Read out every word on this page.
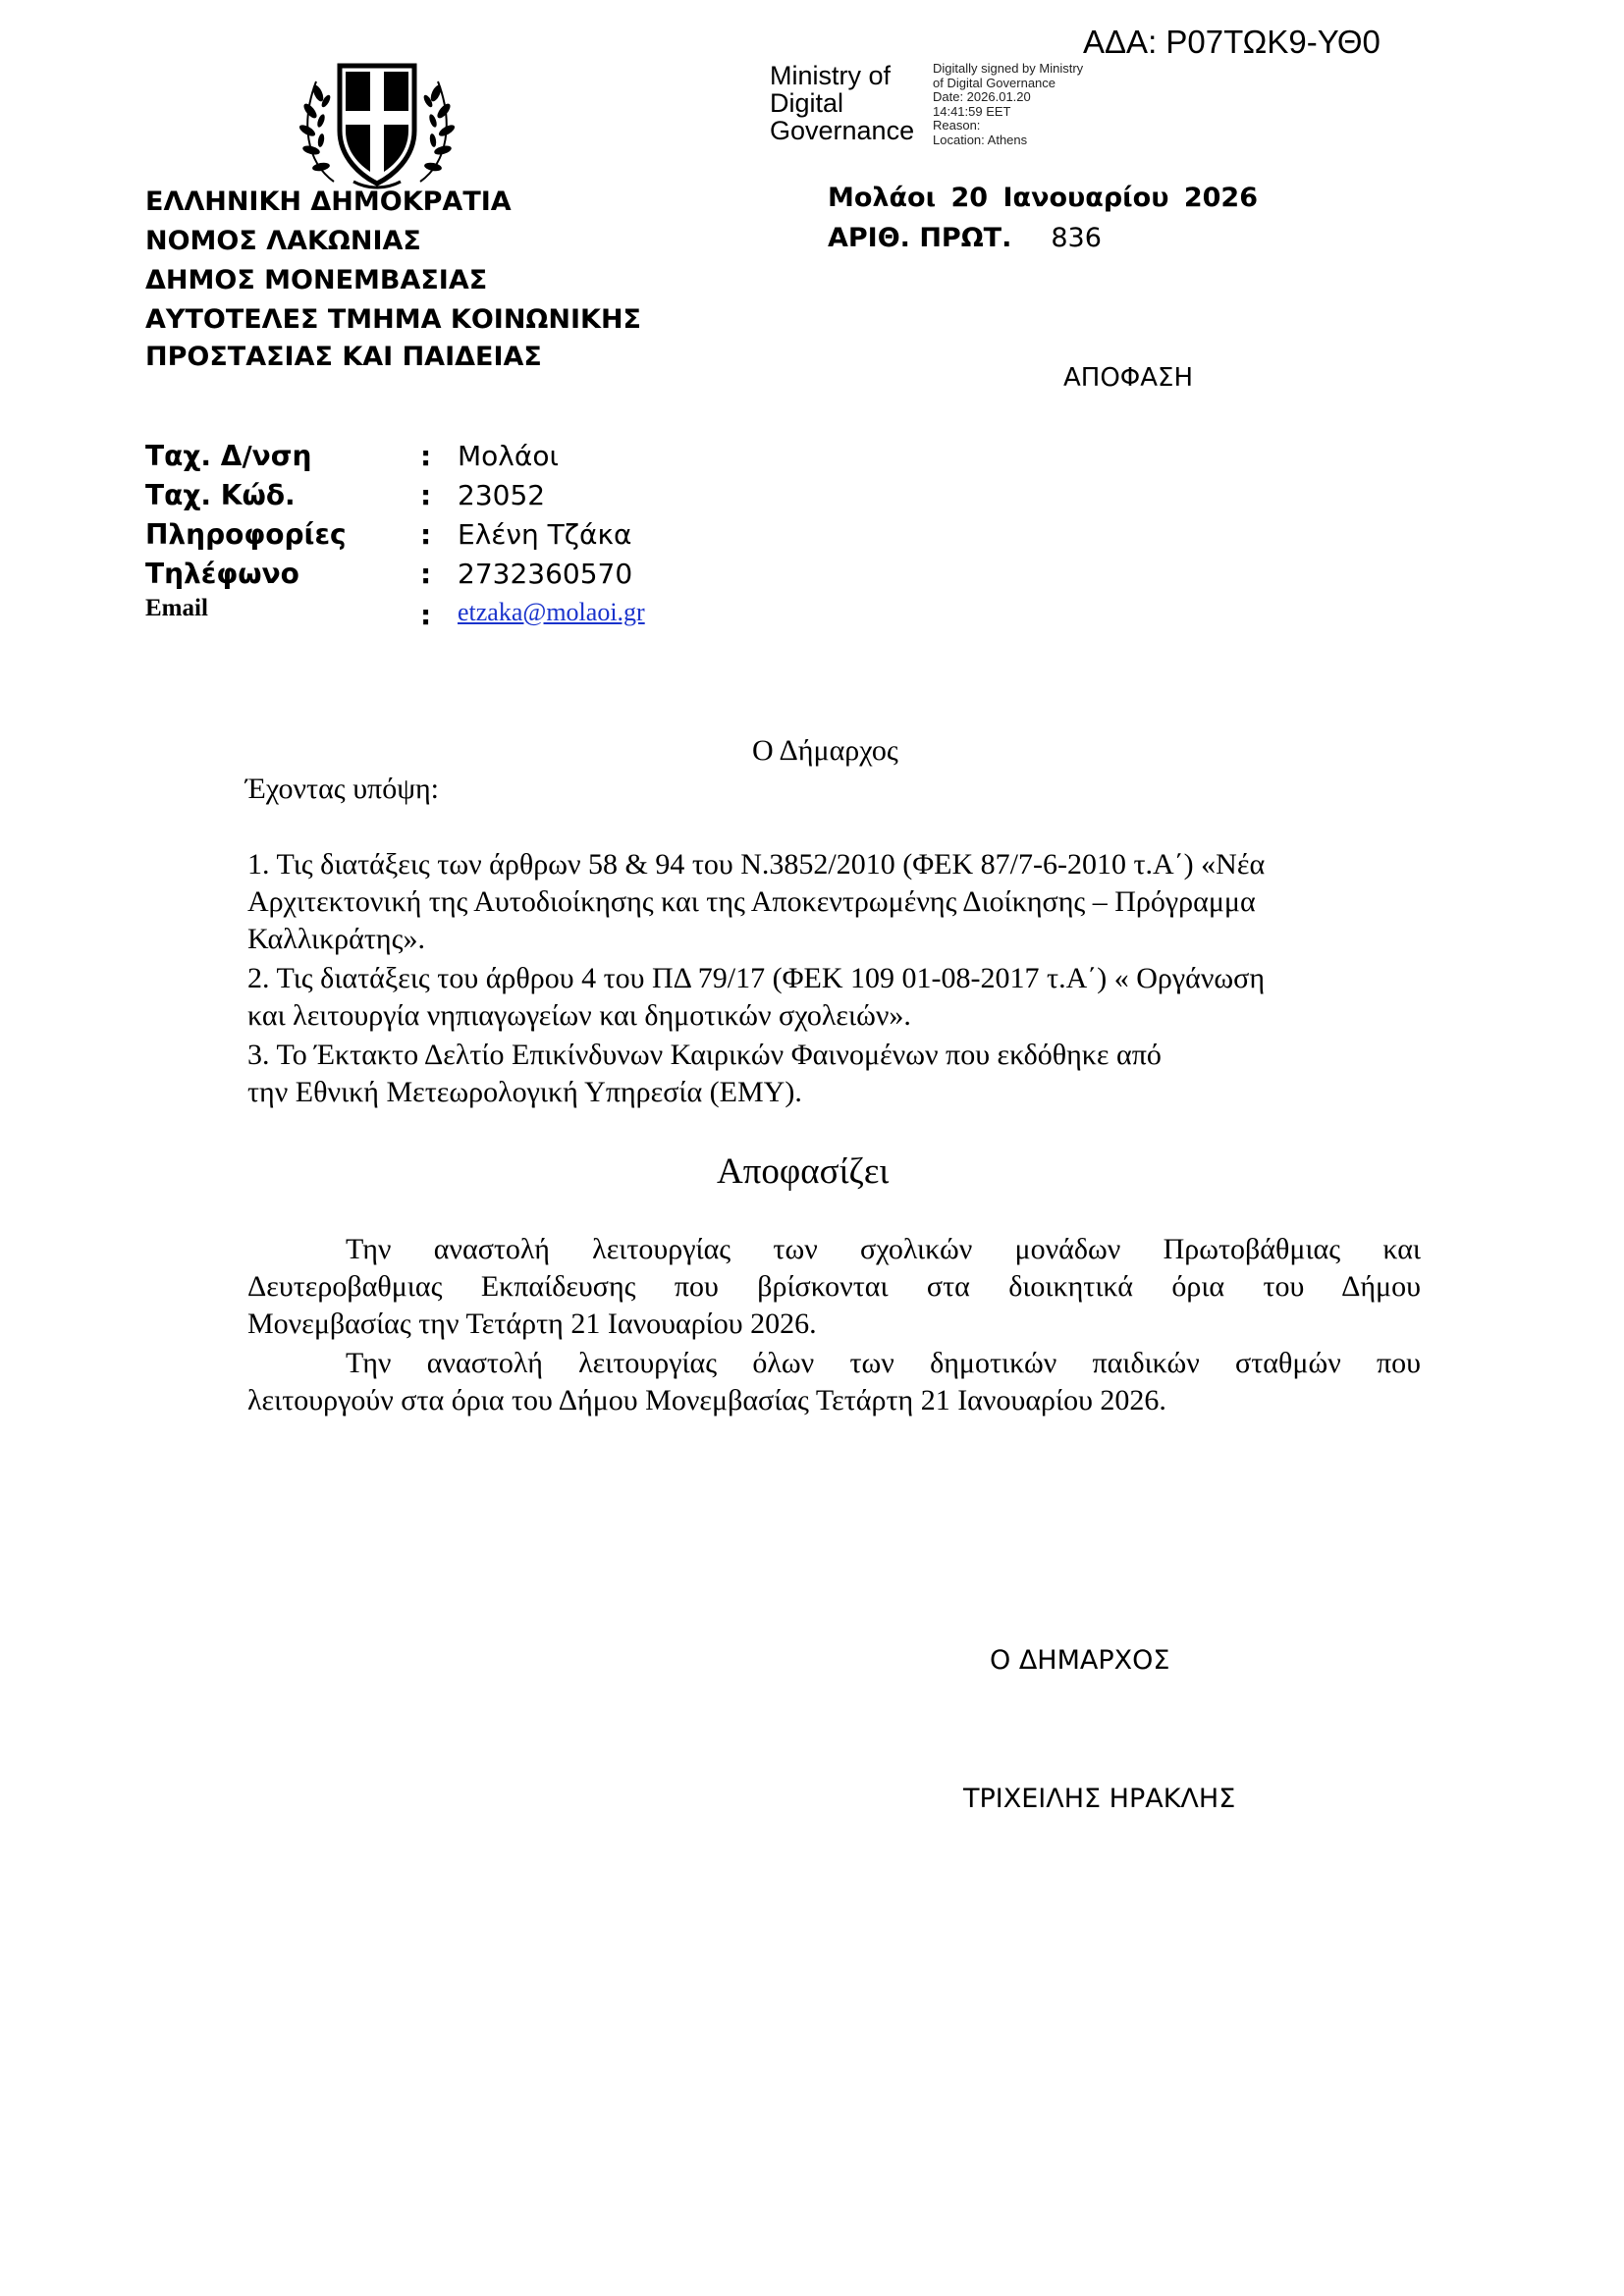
ΑΔΑ: Ρ07ΤΩΚ9-ΥΘ0
Ministry of
Digital
Governance
Digitally signed by Ministry
of Digital Governance
Date: 2026.01.20
14:41:59 EET
Reason:
Location: Athens
ΕΛΛΗΝΙΚΗ ΔΗΜΟΚΡΑΤΙΑ
ΝΟΜΟΣ ΛΑΚΩΝΙΑΣ
ΔΗΜΟΣ ΜΟΝΕΜΒΑΣΙΑΣ
ΑΥΤΟΤΕΛΕΣ ΤΜΗΜΑ ΚΟΙΝΩΝΙΚΗΣ
ΠΡΟΣΤΑΣΙΑΣ ΚΑΙ ΠΑΙΔΕΙΑΣ
Μολάοι 20 Ιανουαρίου 2026
ΑΡΙΘ. ΠΡΩΤ. 836
ΑΠΟΦΑΣΗ
Ταχ. Δ/νση	: Μολάοι
Ταχ. Κώδ.	: 23052
Πληροφορίες	: Ελένη Τζάκα
Τηλέφωνο	: 2732360570
Email	: etzaka@molaoi.gr
Ο Δήμαρχος
Έχοντας υπόψη:
1. Τις διατάξεις των άρθρων 58 & 94 του Ν.3852/2010 (ΦΕΚ 87/7-6-2010 τ.Α΄) «Νέα
Αρχιτεκτονική της Αυτοδιοίκησης και της Αποκεντρωμένης Διοίκησης – Πρόγραμμα
Καλλικράτης».
2. Τις διατάξεις του άρθρου 4 του ΠΔ 79/17 (ΦΕΚ 109 01-08-2017 τ.Α΄) « Οργάνωση
και λειτουργία νηπιαγωγείων και δημοτικών σχολειών».
3. Το Έκτακτο Δελτίο Επικίνδυνων Καιρικών Φαινομένων που εκδόθηκε από
την Εθνική Μετεωρολογική Υπηρεσία (ΕΜΥ).
Αποφασίζει
Την αναστολή λειτουργίας των σχολικών μονάδων Πρωτοβάθμιας και
Δευτεροβαθμιας Εκπαίδευσης που βρίσκονται στα διοικητικά όρια του Δήμου
Μονεμβασίας την Τετάρτη 21 Ιανουαρίου 2026.
Την αναστολή λειτουργίας όλων των δημοτικών παιδικών σταθμών που
λειτουργούν στα όρια του Δήμου Μονεμβασίας Τετάρτη 21 Ιανουαρίου 2026.
Ο ΔΗΜΑΡΧΟΣ
ΤΡΙΧΕΙΛΗΣ ΗΡΑΚΛΗΣ
